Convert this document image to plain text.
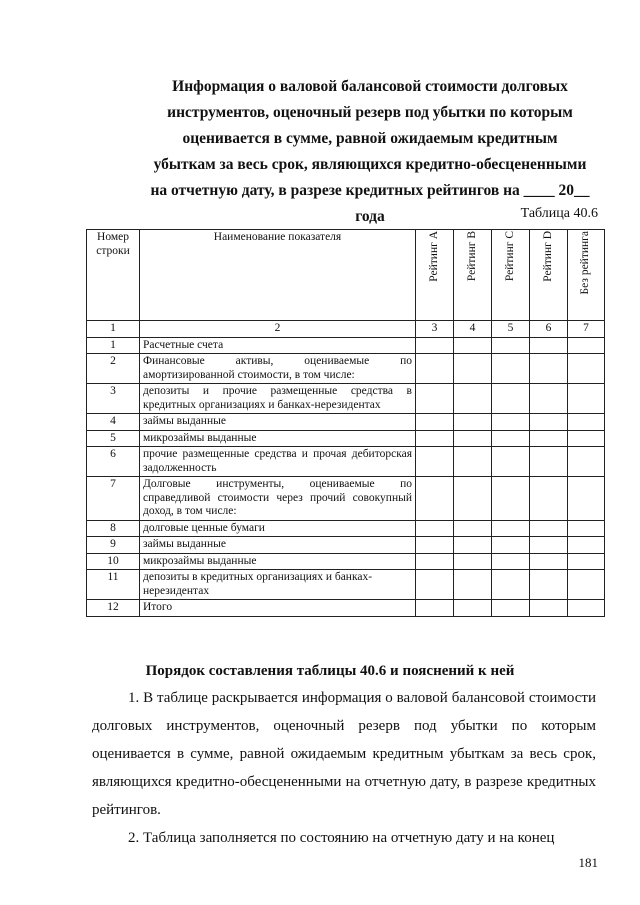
Информация о валовой балансовой стоимости долговых инструментов, оценочный резерв под убытки по которым оценивается в сумме, равной ожидаемым кредитным убыткам за весь срок, являющихся кредитно-обесцененными на отчетную дату, в разрезе кредитных рейтингов на ____ 20__ года	Таблица 40.6
Номер строки	Наименование показателя	Рейтинг А	Рейтинг В	Рейтинг С	Рейтинг D	Без рейтинга
1	2	3	4	5	6	7
1	Расчетные счета					
2	Финансовые активы, оцениваемые по амортизированной стоимости, в том числе:					
3	депозиты и прочие размещенные средства в кредитных организациях и банках-нерезидентах					
4	займы выданные					
5	микрозаймы выданные					
6	прочие размещенные средства и прочая дебиторская задолженность					
7	Долговые инструменты, оцениваемые по справедливой стоимости через прочий совокупный доход, в том числе:					
8	долговые ценные бумаги					
9	займы выданные					
10	микрозаймы выданные					
11	депозиты в кредитных организациях и банках-нерезидентах					
12	Итого					
Порядок составления таблицы 40.6 и пояснений к ней

1. В таблице раскрывается информация о валовой балансовой стоимости долговых инструментов, оценочный резерв под убытки по которым оценивается в сумме, равной ожидаемым кредитным убыткам за весь срок, являющихся кредитно-обесцененными на отчетную дату, в разрезе кредитных рейтингов.

2. Таблица заполняется по состоянию на отчетную дату и на конец

181
